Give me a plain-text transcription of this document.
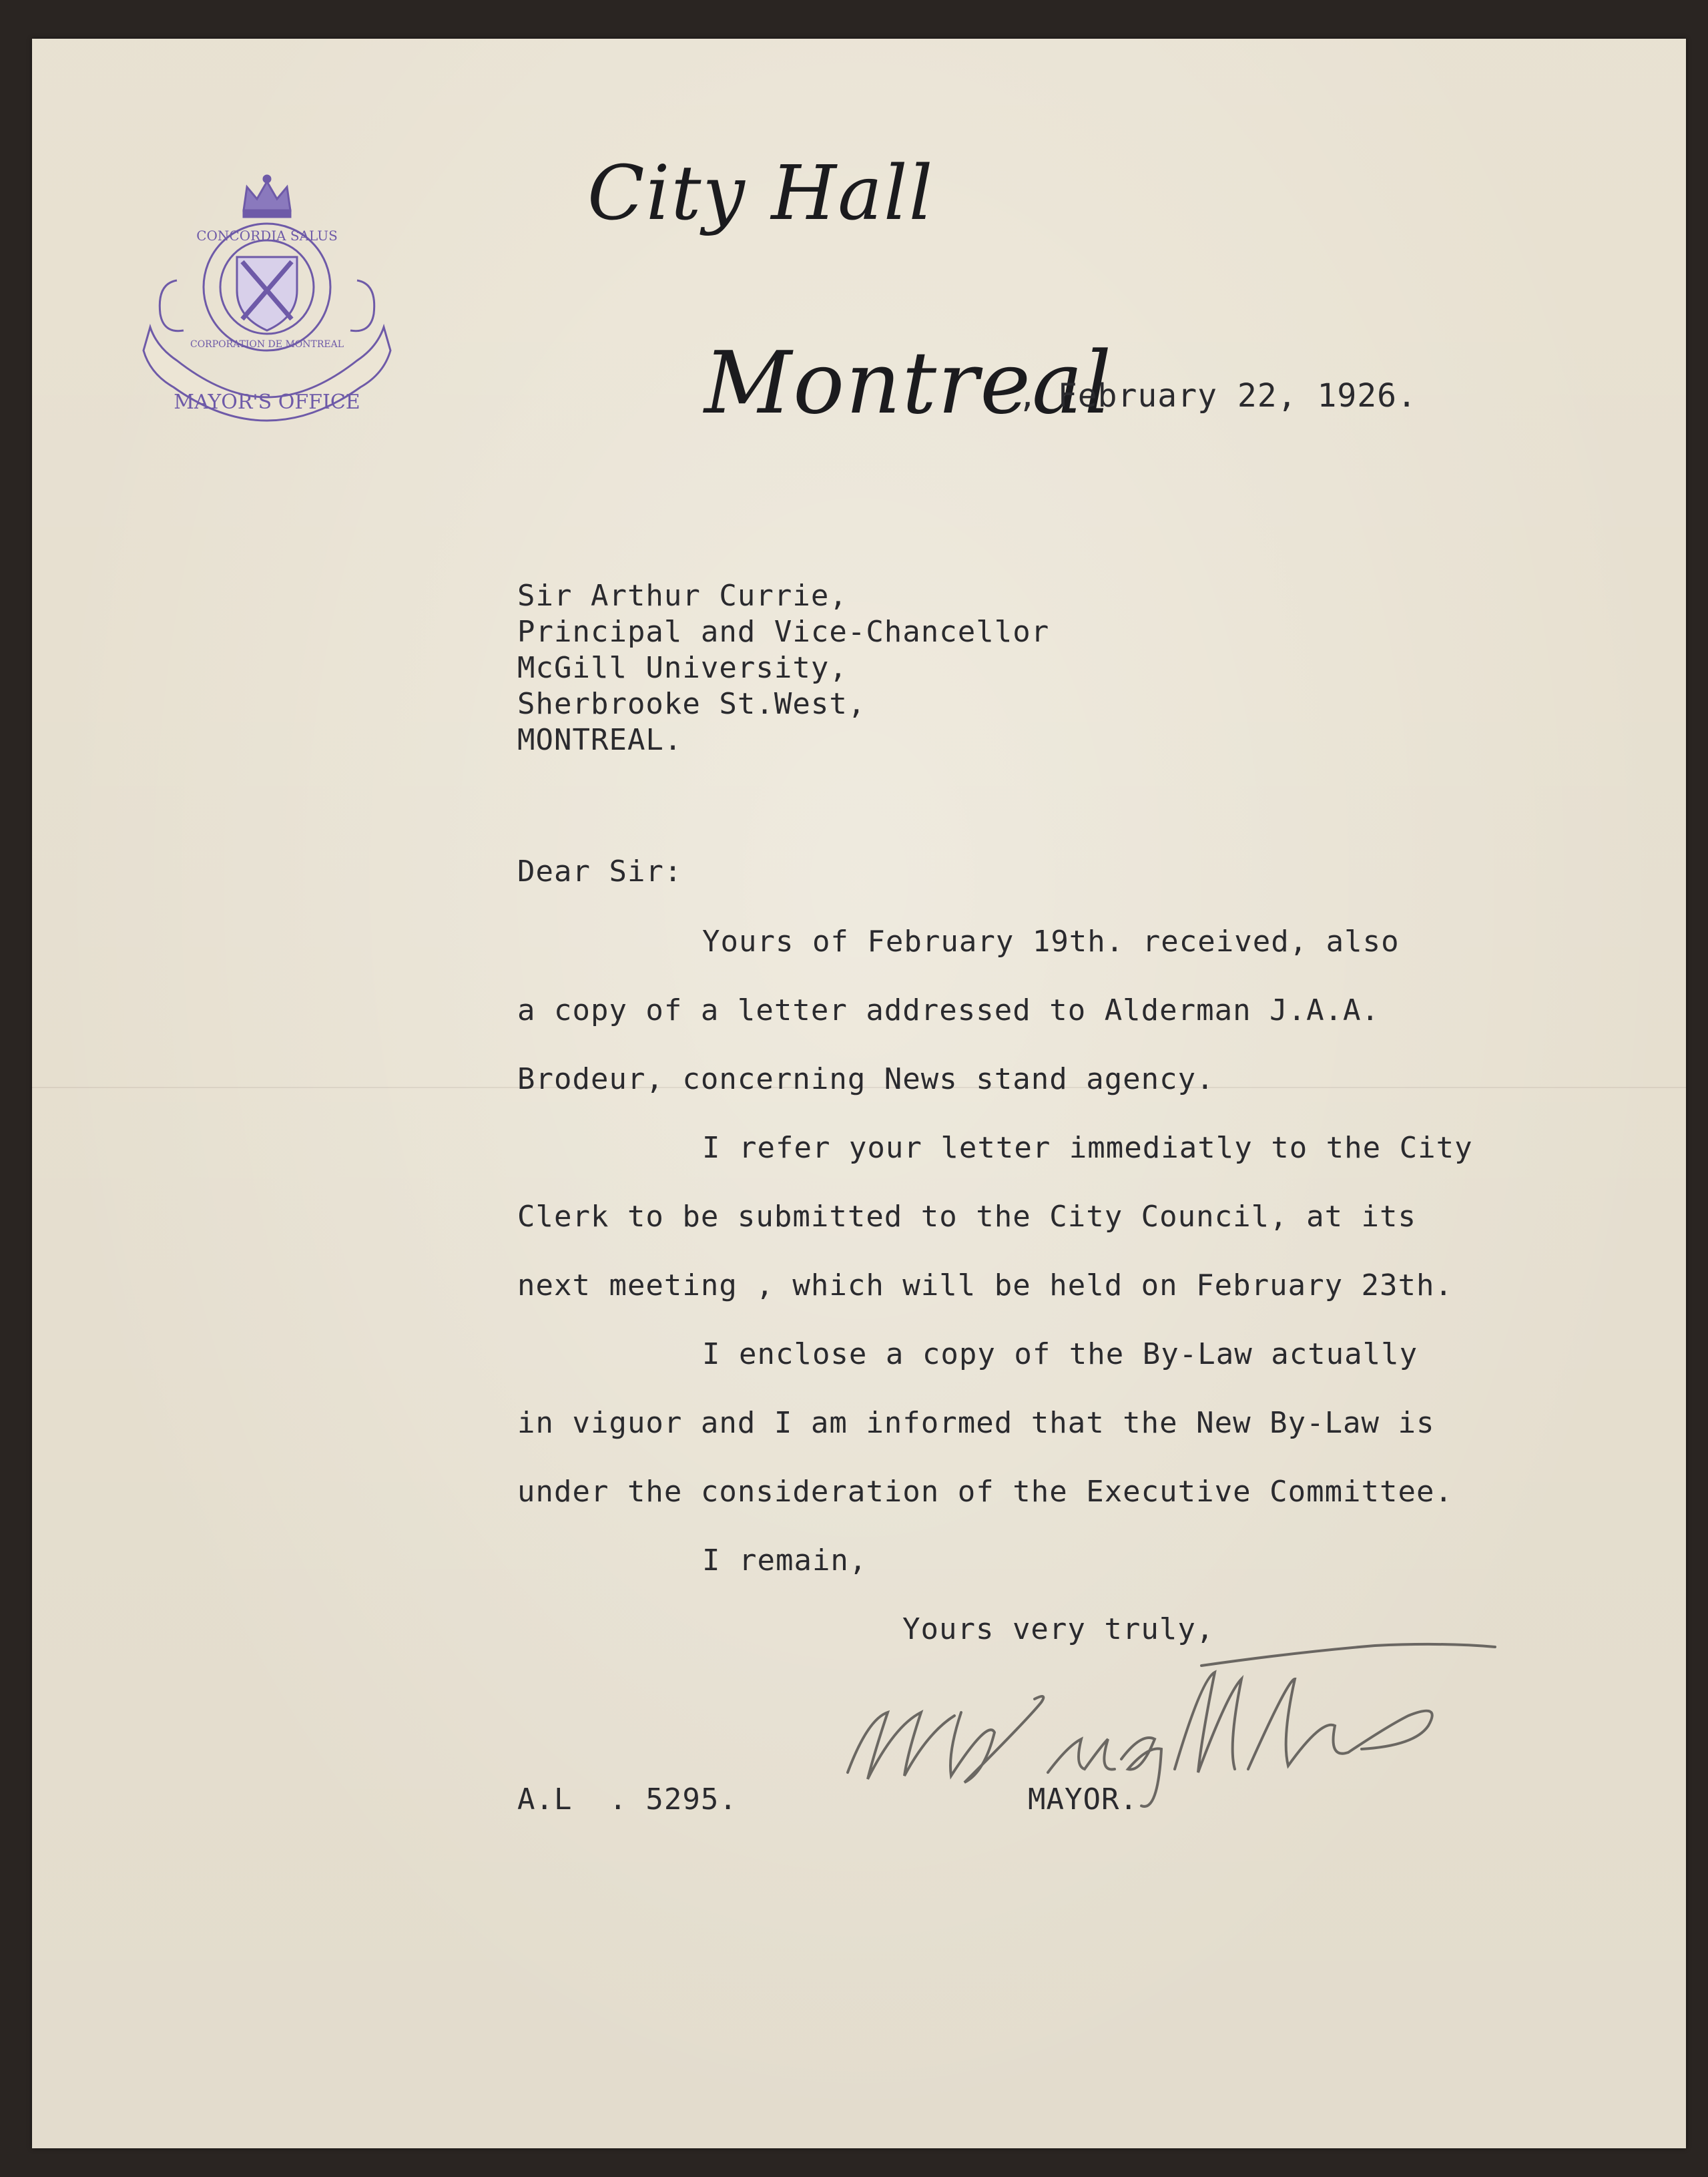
CONCORDIA SALUS
CORPORATION DE MONTREAL
MAYOR'S OFFICE
City Hall
Montreal
, February 22, 1926.
Sir Arthur Currie,
Principal and Vice-Chancellor
McGill University,
Sherbrooke St.West,
MONTREAL.
Dear Sir:
Yours of February 19th. received, also
a copy of a letter addressed to Alderman J.A.A.
Brodeur, concerning News stand agency.
I refer your letter immediatly to the City
Clerk to be submitted to the City Council, at its
next meeting , which will be held on February 23th.
I enclose a copy of the By-Law actually
in viguor and I am informed that the New By-Law is
under the consideration of the Executive Committee.
I remain,
Yours very truly,
A.L  . 5295.	MAYOR.
